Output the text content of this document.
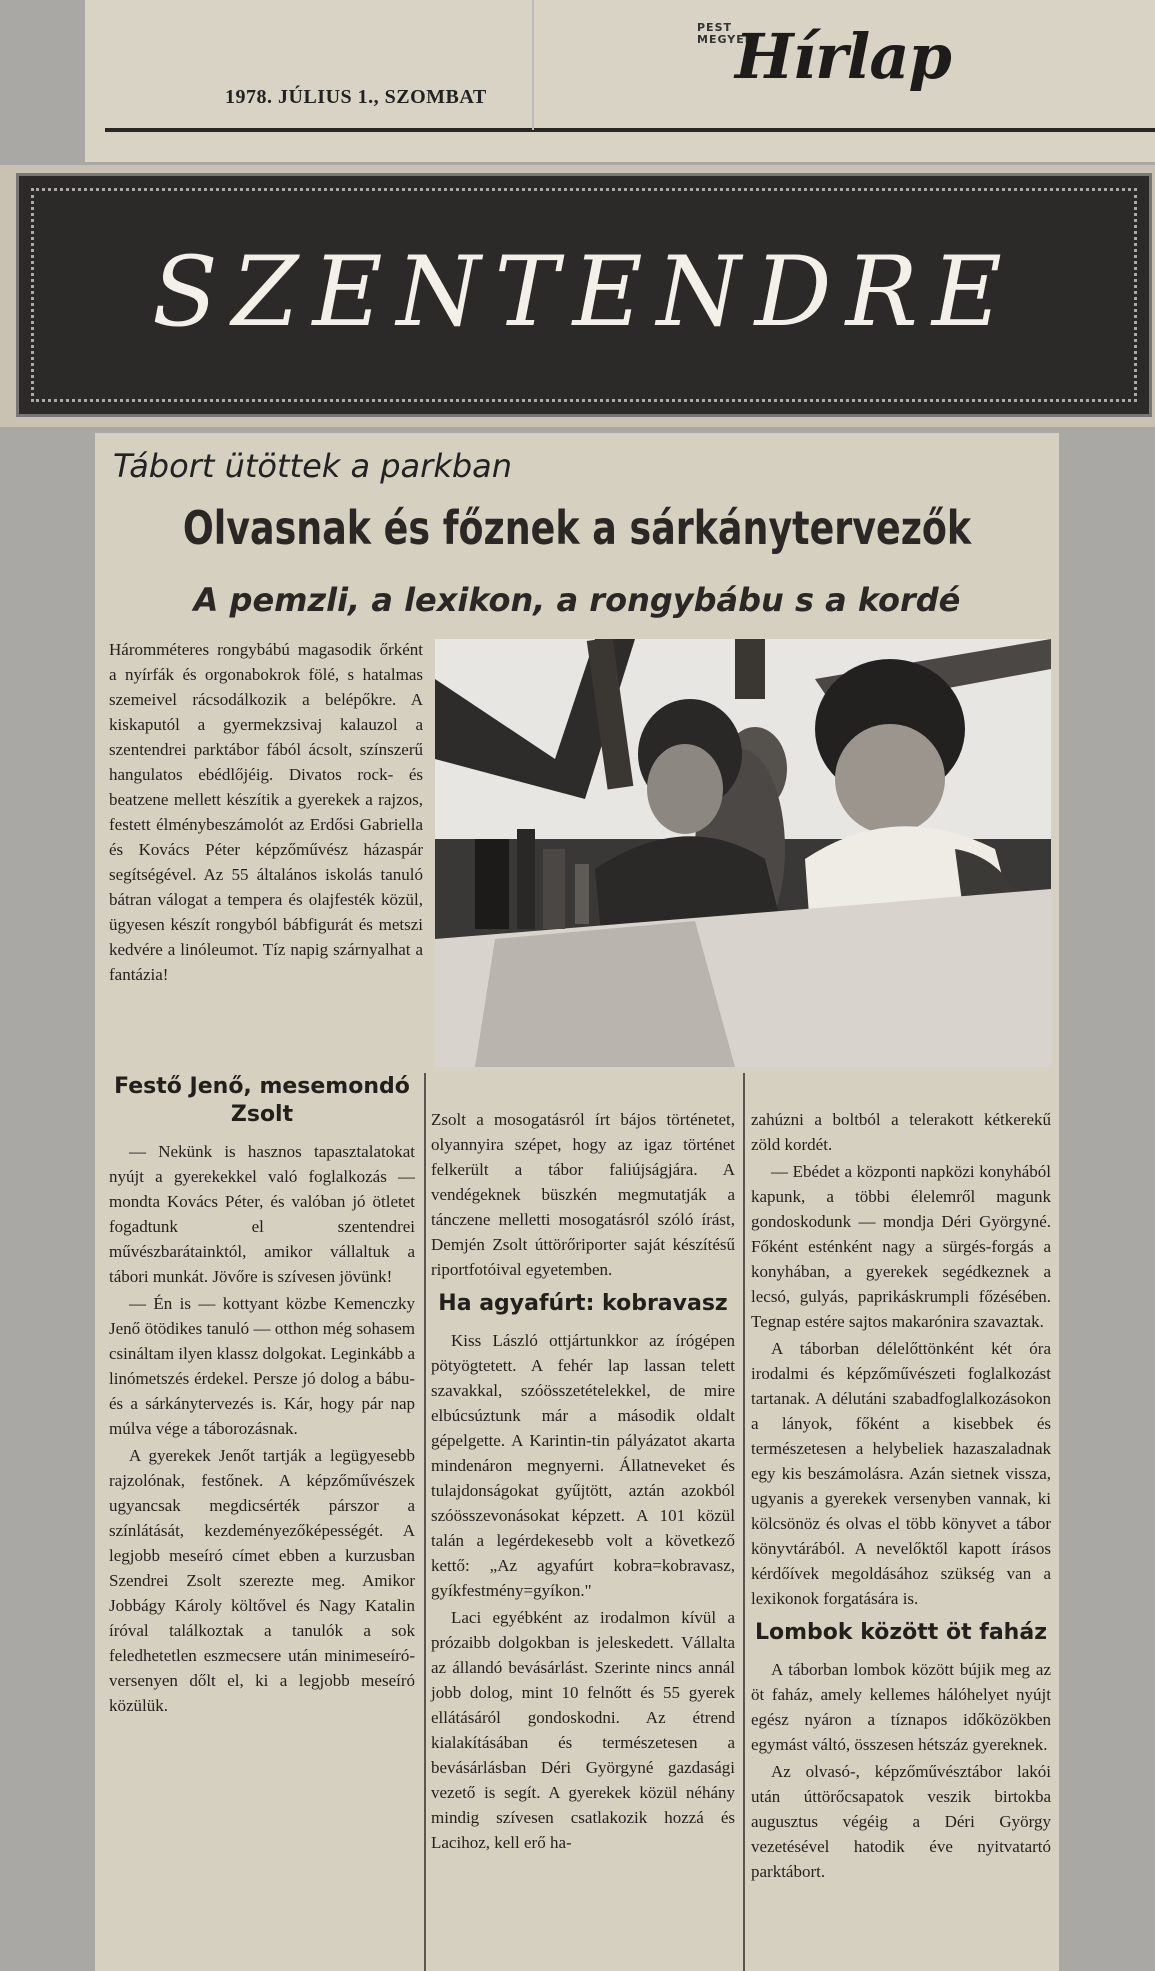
1978. JÚLIUS 1., SZOMBAT
PEST
MEGYEI
Hírlap
SZENTENDRE
Tábort ütöttek a parkban
Olvasnak és főznek a sárkánytervezők
A pemzli, a lexikon, a rongybábu s a kordé

Háromméteres rongybábú magasodik őrként a nyírfák és orgonabokrok fölé, s hatalmas szemeivel rácsodálkozik a belépőkre. A kiskaputól a gyermekzsivaj kalauzol a szentendrei parktábor fából ácsolt, színszerű hangulatos ebédlőjéig. Divatos rock- és beatzene mellett készítik a gyerekek a rajzos, festett élménybeszámolót az Erdősi Gabriella és Kovács Péter képzőművész házaspár segítségével. Az 55 általános iskolás tanuló bátran válogat a tempera és olajfesték közül, ügyesen készít rongyból bábfigurát és metszi kedvére a linóleumot. Tíz napig szárnyalhat a fantázia!

Festő Jenő, mesemondó Zsolt

— Nekünk is hasznos tapasztalatokat nyújt a gyerekekkel való foglalkozás — mondta Kovács Péter, és valóban jó ötletet fogadtunk el szentendrei művészbarátainktól, amikor vállaltuk a tábori munkát. Jövőre is szívesen jövünk!

— Én is — kottyant közbe Kemenczky Jenő ötödikes tanuló — otthon még sohasem csináltam ilyen klassz dolgokat. Leginkább a linómetszés érdekel. Persze jó dolog a bábu- és a sárkánytervezés is. Kár, hogy pár nap múlva vége a táborozásnak.

A gyerekek Jenőt tartják a legügyesebb rajzolónak, festőnek. A képzőművészek ugyancsak megdicsérték párszor a színlátását, kezdeményezőképességét. A legjobb meseíró címet ebben a kurzusban Szendrei Zsolt szerezte meg. Amikor Jobbágy Károly költővel és Nagy Katalin íróval találkoztak a tanulók a sok feledhetetlen eszmecsere után minimeseíró-versenyen dőlt el, ki a legjobb meseíró közülük.

Zsolt a mosogatásról írt bájos történetet, olyannyira szépet, hogy az igaz történet felkerült a tábor faliújságjára. A vendégeknek büszkén megmutatják a tánczene melletti mosogatásról szóló írást, Demjén Zsolt úttörőriporter saját készítésű riportfotóival egyetemben.

Ha agyafúrt: kobravasz

Kiss László ottjártunkkor az írógépen pötyögtetett. A fehér lap lassan telett szavakkal, szóösszetételekkel, de mire elbúcsúztunk már a második oldalt gépelgette. A Karintin-tin pályázatot akarta mindenáron megnyerni. Állatneveket és tulajdonságokat gyűjtött, aztán azokból szóösszevonásokat képzett. A 101 közül talán a legérdekesebb volt a következő kettő: „Az agyafúrt kobra=kobravasz, gyíkfestmény=gyíkon."

Laci egyébként az irodalmon kívül a prózaibb dolgokban is jeleskedett. Vállalta az állandó bevásárlást. Szerinte nincs annál jobb dolog, mint 10 felnőtt és 55 gyerek ellátásáról gondoskodni. Az étrend kialakításában és természetesen a bevásárlásban Déri Györgyné gazdasági vezető is segít. A gyerekek közül néhány mindig szívesen csatlakozik hozzá és Lacihoz, kell erő ha-

zahúzni a boltból a telerakott kétkerekű zöld kordét.

— Ebédet a központi napközi konyhából kapunk, a többi élelemről magunk gondoskodunk — mondja Déri Györgyné. Főként esténként nagy a sürgés-forgás a konyhában, a gyerekek segédkeznek a lecsó, gulyás, paprikáskrumpli főzésében. Tegnap estére sajtos makarónira szavaztak.

A táborban délelőttönként két óra irodalmi és képzőművészeti foglalkozást tartanak. A délutáni szabadfoglalkozásokon a lányok, főként a kisebbek és természetesen a helybeliek hazaszaladnak egy kis beszámolásra. Azán sietnek vissza, ugyanis a gyerekek versenyben vannak, ki kölcsönöz és olvas el több könyvet a tábor könyvtárából. A nevelőktől kapott írásos kérdőívek megoldásához szükség van a lexikonok forgatására is.

Lombok között öt faház

A táborban lombok között bújik meg az öt faház, amely kellemes hálóhelyet nyújt egész nyáron a tíznapos időközökben egymást váltó, összesen hétszáz gyereknek.

Az olvasó-, képzőművésztábor lakói után úttörőcsapatok veszik birtokba augusztus végéig a Déri György vezetésével hatodik éve nyitvatartó parktábort.
